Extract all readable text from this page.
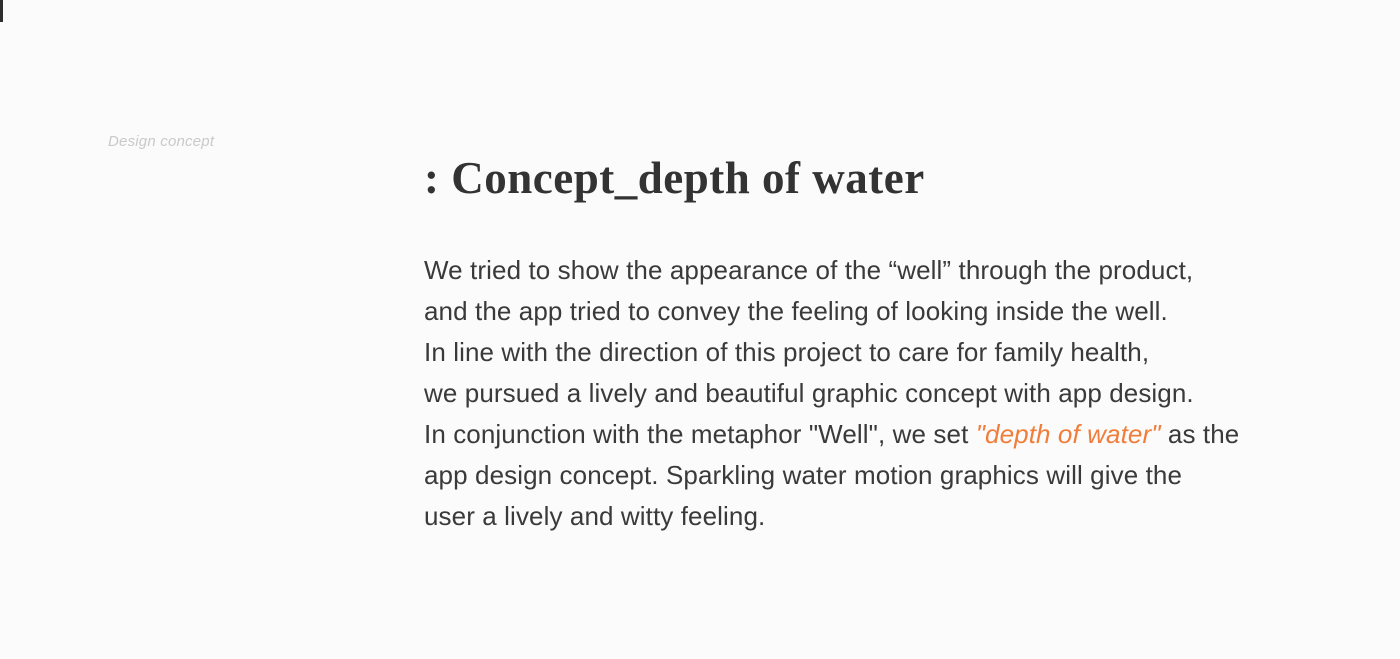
Design concept
: Concept_depth of water
We tried to show the appearance of the “well” through the product,
and the app tried to convey the feeling of looking inside the well.
In line with the direction of this project to care for family health,
we pursued a lively and beautiful graphic concept with app design.
In conjunction with the metaphor "Well", we set "depth of water" as the
app design concept. Sparkling water motion graphics will give the
user a lively and witty feeling.
